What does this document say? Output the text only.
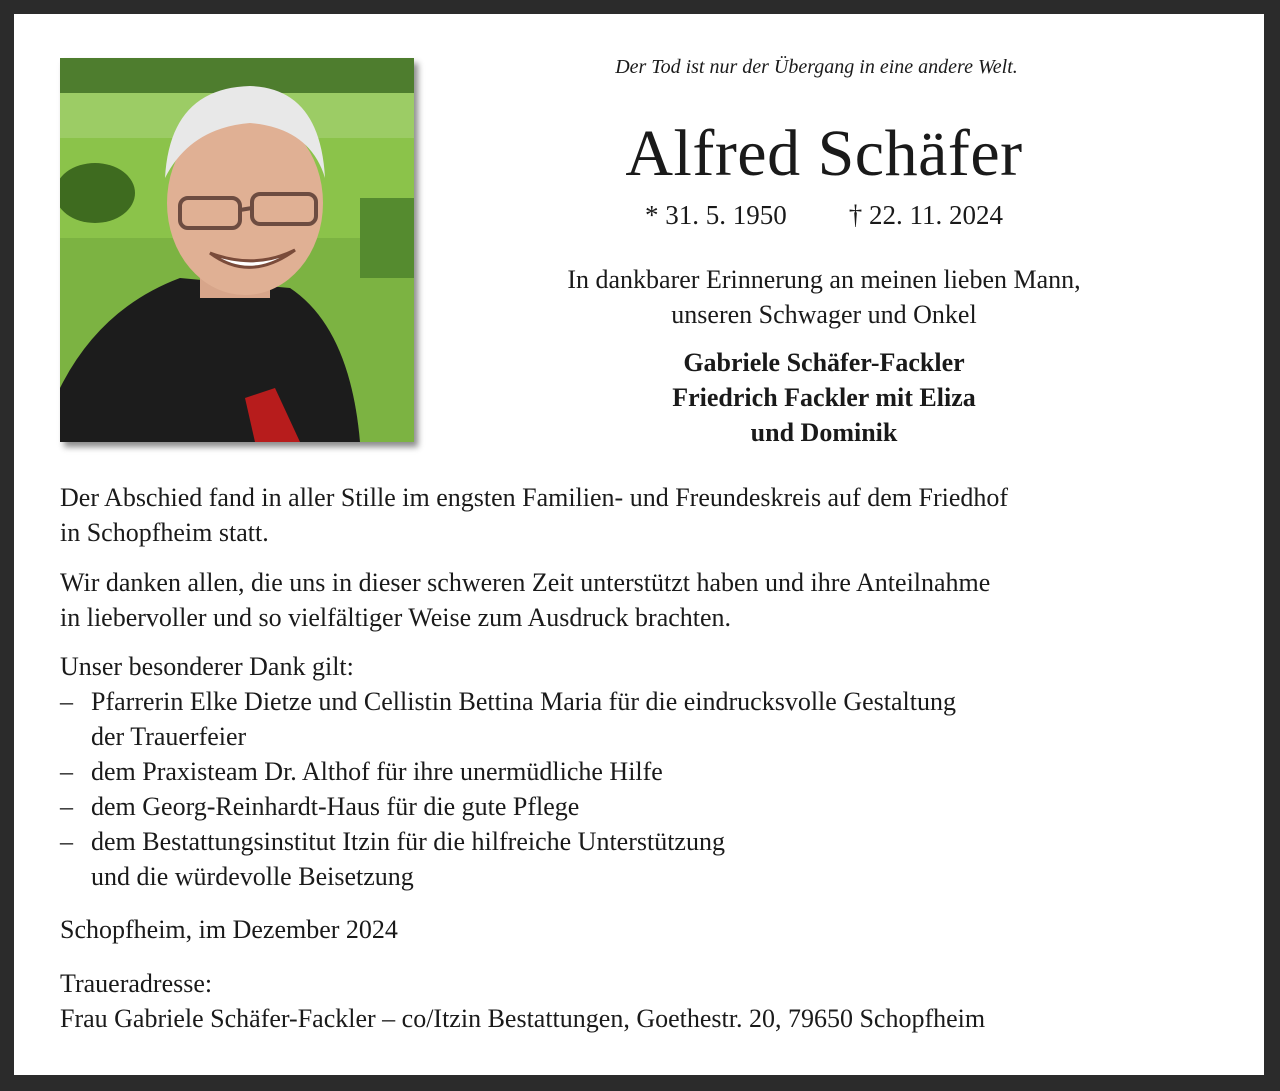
Der Tod ist nur der Übergang in eine andere Welt.
Alfred Schäfer
* 31. 5. 1950 † 22. 11. 2024
In dankbarer Erinnerung an meinen lieben Mann,
unseren Schwager und Onkel
Gabriele Schäfer-Fackler
Friedrich Fackler mit Eliza
und Dominik
Der Abschied fand in aller Stille im engsten Familien- und Freundeskreis auf dem Friedhof
in Schopfheim statt.
Wir danken allen, die uns in dieser schweren Zeit unterstützt haben und ihre Anteilnahme
in liebervoller und so vielfältiger Weise zum Ausdruck brachten.
Unser besonderer Dank gilt:
– Pfarrerin Elke Dietze und Cellistin Bettina Maria für die eindrucksvolle Gestaltung
der Trauerfeier
– dem Praxisteam Dr. Althof für ihre unermüdliche Hilfe
– dem Georg-Reinhardt-Haus für die gute Pflege
– dem Bestattungsinstitut Itzin für die hilfreiche Unterstützung
und die würdevolle Beisetzung
Schopfheim, im Dezember 2024
Traueradresse:
Frau Gabriele Schäfer-Fackler – co/Itzin Bestattungen, Goethestr. 20, 79650 Schopfheim
